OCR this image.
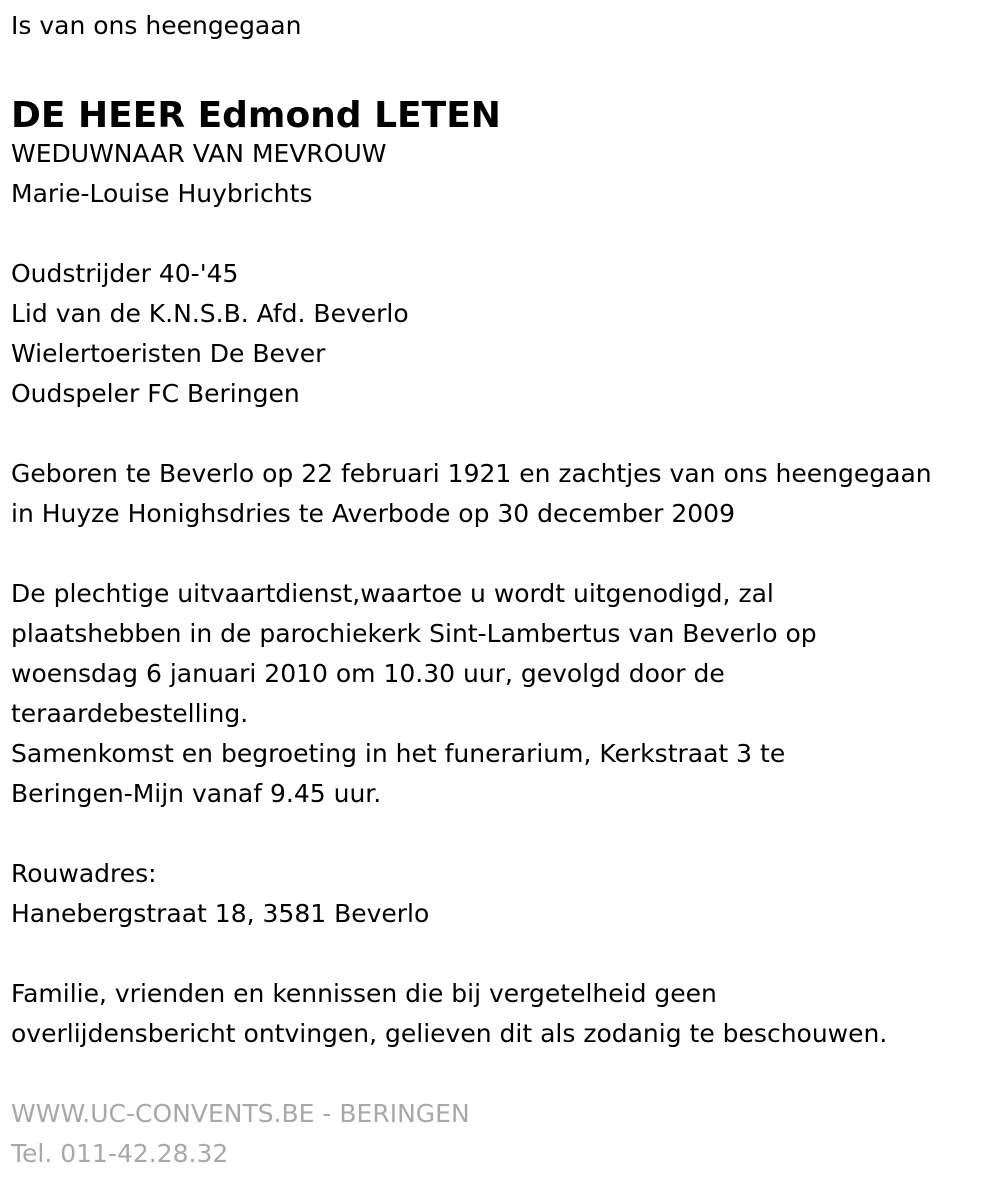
Is van ons heengegaan
DE HEER Edmond LETEN
WEDUWNAAR VAN MEVROUW
Marie-Louise Huybrichts
Oudstrijder 40-'45
Lid van de K.N.S.B. Afd. Beverlo
Wielertoeristen De Bever
Oudspeler FC Beringen
Geboren te Beverlo op 22 februari 1921 en zachtjes van ons heengegaan
in Huyze Honighsdries te Averbode op 30 december 2009
De plechtige uitvaartdienst,waartoe u wordt uitgenodigd, zal
plaatshebben in de parochiekerk Sint-Lambertus van Beverlo op
woensdag 6 januari 2010 om 10.30 uur, gevolgd door de
teraardebestelling.
Samenkomst en begroeting in het funerarium, Kerkstraat 3 te
Beringen-Mijn vanaf 9.45 uur.
Rouwadres:
Hanebergstraat 18, 3581 Beverlo
Familie, vrienden en kennissen die bij vergetelheid geen
overlijdensbericht ontvingen, gelieven dit als zodanig te beschouwen.
WWW.UC-CONVENTS.BE - BERINGEN
Tel. 011-42.28.32
